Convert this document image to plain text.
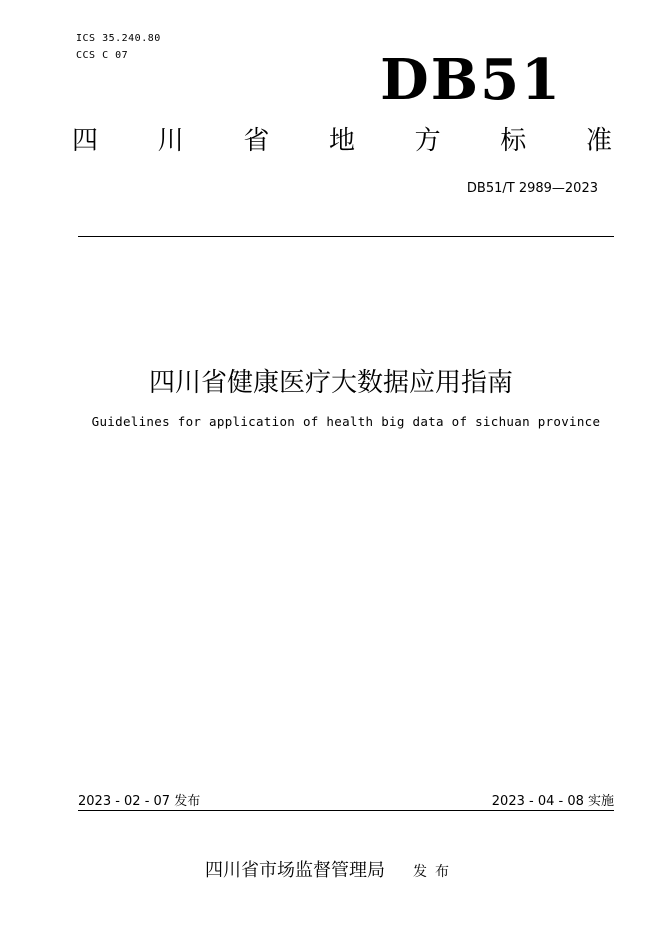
ICS 35.240.80
CCS C 07	DB51
四 川 省 地 方 标 准
DB51/T 2989—2023
四川省健康医疗大数据应用指南
Guidelines for application of health big data of sichuan province
2023 - 02 - 07 发布	2023 - 04 - 08 实施
四川省市场监督管理局 发布
